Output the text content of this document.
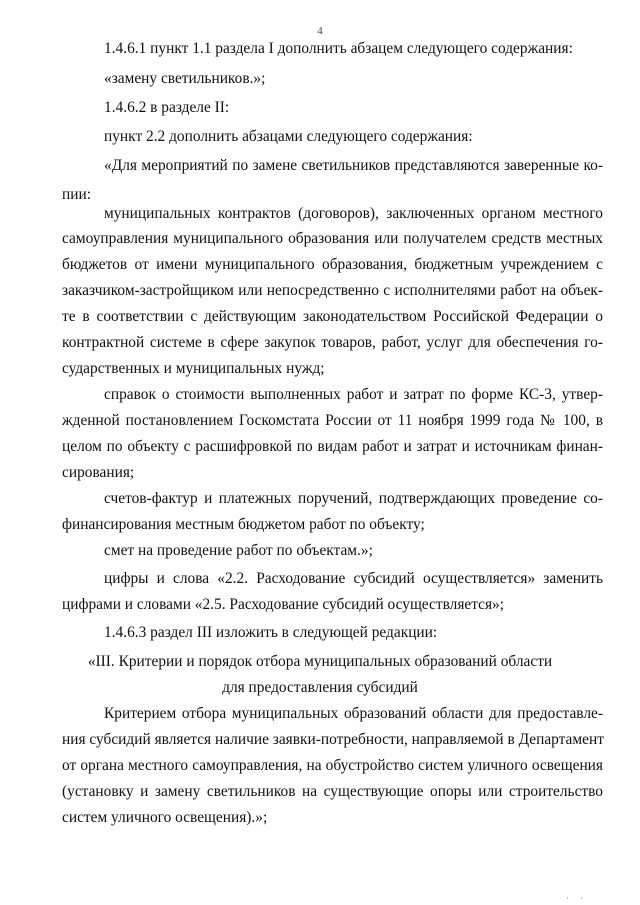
4
1.4.6.1 пункт 1.1 раздела I дополнить абзацем следующего содержания:
«замену светильников.»;
1.4.6.2 в разделе II:
пункт 2.2 дополнить абзацами следующего содержания:
«Для мероприятий по замене светильников представляются заверенные ко-
пии:
муниципальных контрактов (договоров), заключенных органом местного
самоуправления муниципального образования или получателем средств местных
бюджетов от имени муниципального образования, бюджетным учреждением с
заказчиком-застройщиком или непосредственно с исполнителями работ на объек-
те в соответствии с действующим законодательством Российской Федерации о
контрактной системе в сфере закупок товаров, работ, услуг для обеспечения го-
сударственных и муниципальных нужд;
справок о стоимости выполненных работ и затрат по форме КС-3, утвер-
жденной постановлением Госкомстата России от 11 ноября 1999 года № 100, в
целом по объекту с расшифровкой по видам работ и затрат и источникам финан-
сирования;
счетов-фактур и платежных поручений, подтверждающих проведение со-
финансирования местным бюджетом работ по объекту;
смет на проведение работ по объектам.»;
цифры и слова «2.2. Расходование субсидий осуществляется» заменить
цифрами и словами «2.5. Расходование субсидий осуществляется»;
1.4.6.3 раздел III изложить в следующей редакции:
«III. Критерии и порядок отбора муниципальных образований области
для предоставления субсидий
Критерием отбора муниципальных образований области для предоставле-
ния субсидий является наличие заявки-потребности, направляемой в Департамент
от органа местного самоуправления, на обустройство систем уличного освещения
(установку и замену светильников на существующие опоры или строительство
систем уличного освещения).»;
· ·
